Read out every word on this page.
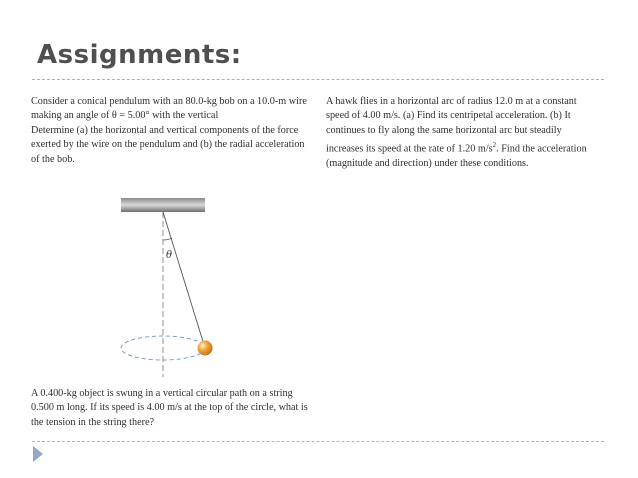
Assignments:

Consider a conical pendulum with an 80.0-kg bob on a 10.0-m wire making an angle of θ = 5.00° with the verticalDetermine (a) the horizontal and vertical components of the force exerted by the wire on the pendulum and (b) the radial acceleration of the bob.

A hawk flies in a horizontal arc of radius 12.0 m at a constant speed of 4.00 m/s. (a) Find its centripetal acceleration. (b) It continues to fly along the same horizontal arc but steadily increases its speed at the rate of 1.20 $m/s^2$. Find the acceleration (magnitude and direction) under these conditions.

θ

A 0.400-kg object is swung in a vertical circular path on a string 0.500 m long. If its speed is 4.00 m/s at the top of the circle, what is the tension in the string there?
